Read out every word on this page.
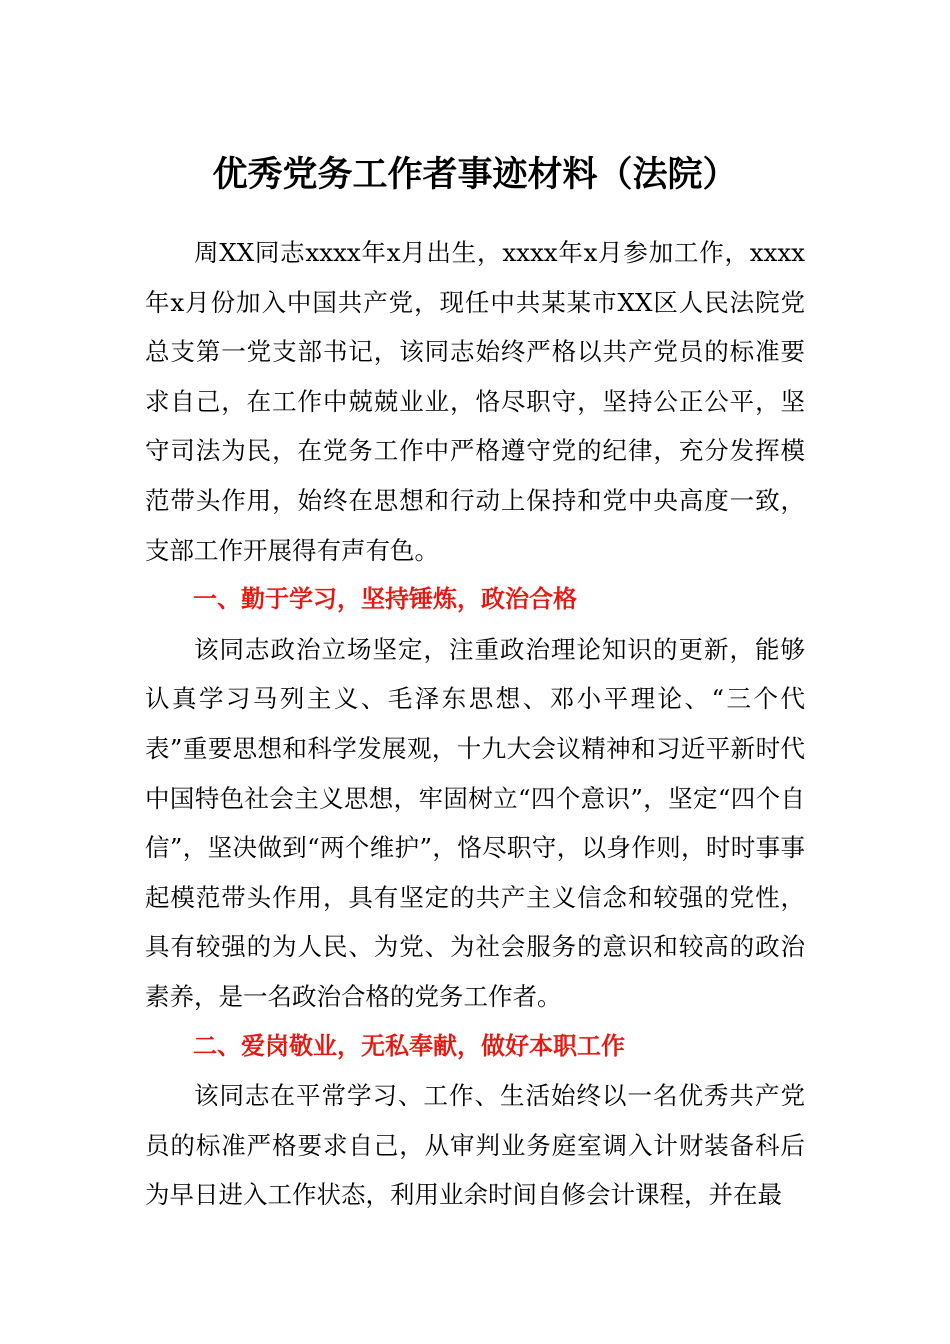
优秀党务工作者事迹材料（法院）

周XX同志xxxx年x月出生，xxxx年x月参加工作，xxxx年x月份加入中国共产党，现任中共某某市XX区人民法院党总支第一党支部书记，该同志始终严格以共产党员的标准要求自己，在工作中兢兢业业，恪尽职守，坚持公正公平，坚守司法为民，在党务工作中严格遵守党的纪律，充分发挥模范带头作用，始终在思想和行动上保持和党中央高度一致，支部工作开展得有声有色。

一、勤于学习，坚持锤炼，政治合格

该同志政治立场坚定，注重政治理论知识的更新，能够认真学习马列主义、毛泽东思想、邓小平理论、“三个代表”重要思想和科学发展观，十九大会议精神和习近平新时代中国特色社会主义思想，牢固树立“四个意识”，坚定“四个自信”，坚决做到“两个维护”，恪尽职守，以身作则，时时事事起模范带头作用，具有坚定的共产主义信念和较强的党性，具有较强的为人民、为党、为社会服务的意识和较高的政治素养，是一名政治合格的党务工作者。

二、爱岗敬业，无私奉献，做好本职工作

该同志在平常学习、工作、生活始终以一名优秀共产党员的标准严格要求自己，从审判业务庭室调入计财装备科后为早日进入工作状态，利用业余时间自修会计课程，并在最
